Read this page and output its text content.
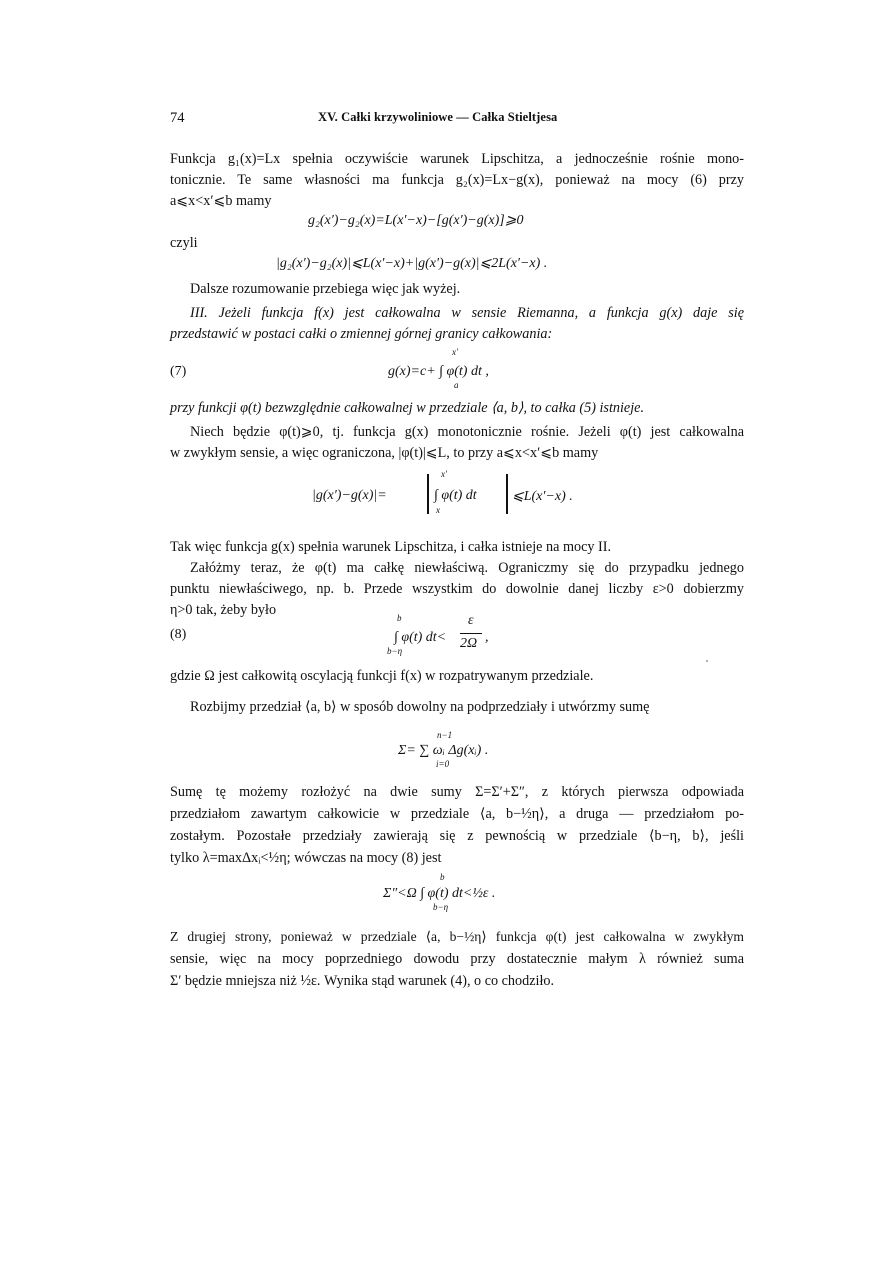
74	XV. Całki krzywoliniowe — Całka Stieltjesa
Funkcja g₁(x)=Lx spełnia oczywiście warunek Lipschitza, a jednocześnie rośnie mono-
tonicznie. Te same własności ma funkcja g₂(x)=Lx−g(x), ponieważ na mocy (6) przy
a⩽x<x′⩽b mamy
g₂(x′)−g₂(x)=L(x′−x)−[g(x′)−g(x)]⩾0
czyli
|g₂(x′)−g₂(x)|⩽L(x′−x)+|g(x′)−g(x)|⩽2L(x′−x) .
Dalsze rozumowanie przebiega więc jak wyżej.
III. Jeżeli funkcja f(x) jest całkowalna w sensie Riemanna, a funkcja g(x) daje się
przedstawić w postaci całki o zmiennej górnej granicy całkowania:
(7)
x′
g(x)=c+ ∫ φ(t) dt ,
a
przy funkcji φ(t) bezwzględnie całkowalnej w przedziale ⟨a, b⟩, to całka (5) istnieje.
Niech będzie φ(t)⩾0, tj. funkcja g(x) monotonicznie rośnie. Jeżeli φ(t) jest całkowalna
w zwykłym sensie, a więc ograniczona, |φ(t)|⩽L, to przy a⩽x<x′⩽b mamy
|g(x′)−g(x)|=
x′
∫ φ(t) dt
x
⩽L(x′−x) .
Tak więc funkcja g(x) spełnia warunek Lipschitza, i całka istnieje na mocy II.
Załóżmy teraz, że φ(t) ma całkę niewłaściwą. Ograniczmy się do przypadku jednego
punktu niewłaściwego, np. b. Przede wszystkim do dowolnie danej liczby ε>0 dobierzmy
η>0 tak, żeby było
(8)
b
∫ φ(t) dt<
b−η
ε
2Ω ,
gdzie Ω jest całkowitą oscylacją funkcji f(x) w rozpatrywanym przedziale.
Rozbijmy przedział ⟨a, b⟩ w sposób dowolny na podprzedziały i utwórzmy sumę
n−1
Σ= ∑ ωᵢ Δg(xᵢ) .
i=0
Sumę tę możemy rozłożyć na dwie sumy Σ=Σ′+Σ″, z których pierwsza odpowiada
przedziałom zawartym całkowicie w przedziale ⟨a, b−½η⟩, a druga — przedziałom po-
zostałym. Pozostałe przedziały zawierają się z pewnością w przedziale ⟨b−η, b⟩, jeśli
tylko λ=maxΔxᵢ<½η; wówczas na mocy (8) jest
b
Σ″<Ω ∫ φ(t) dt<½ε .
b−η
Z drugiej strony, ponieważ w przedziale ⟨a, b−½η⟩ funkcja φ(t) jest całkowalna w zwykłym
sensie, więc na mocy poprzedniego dowodu przy dostatecznie małym λ również suma
Σ′ będzie mniejsza niż ½ε. Wynika stąd warunek (4), o co chodziło.
